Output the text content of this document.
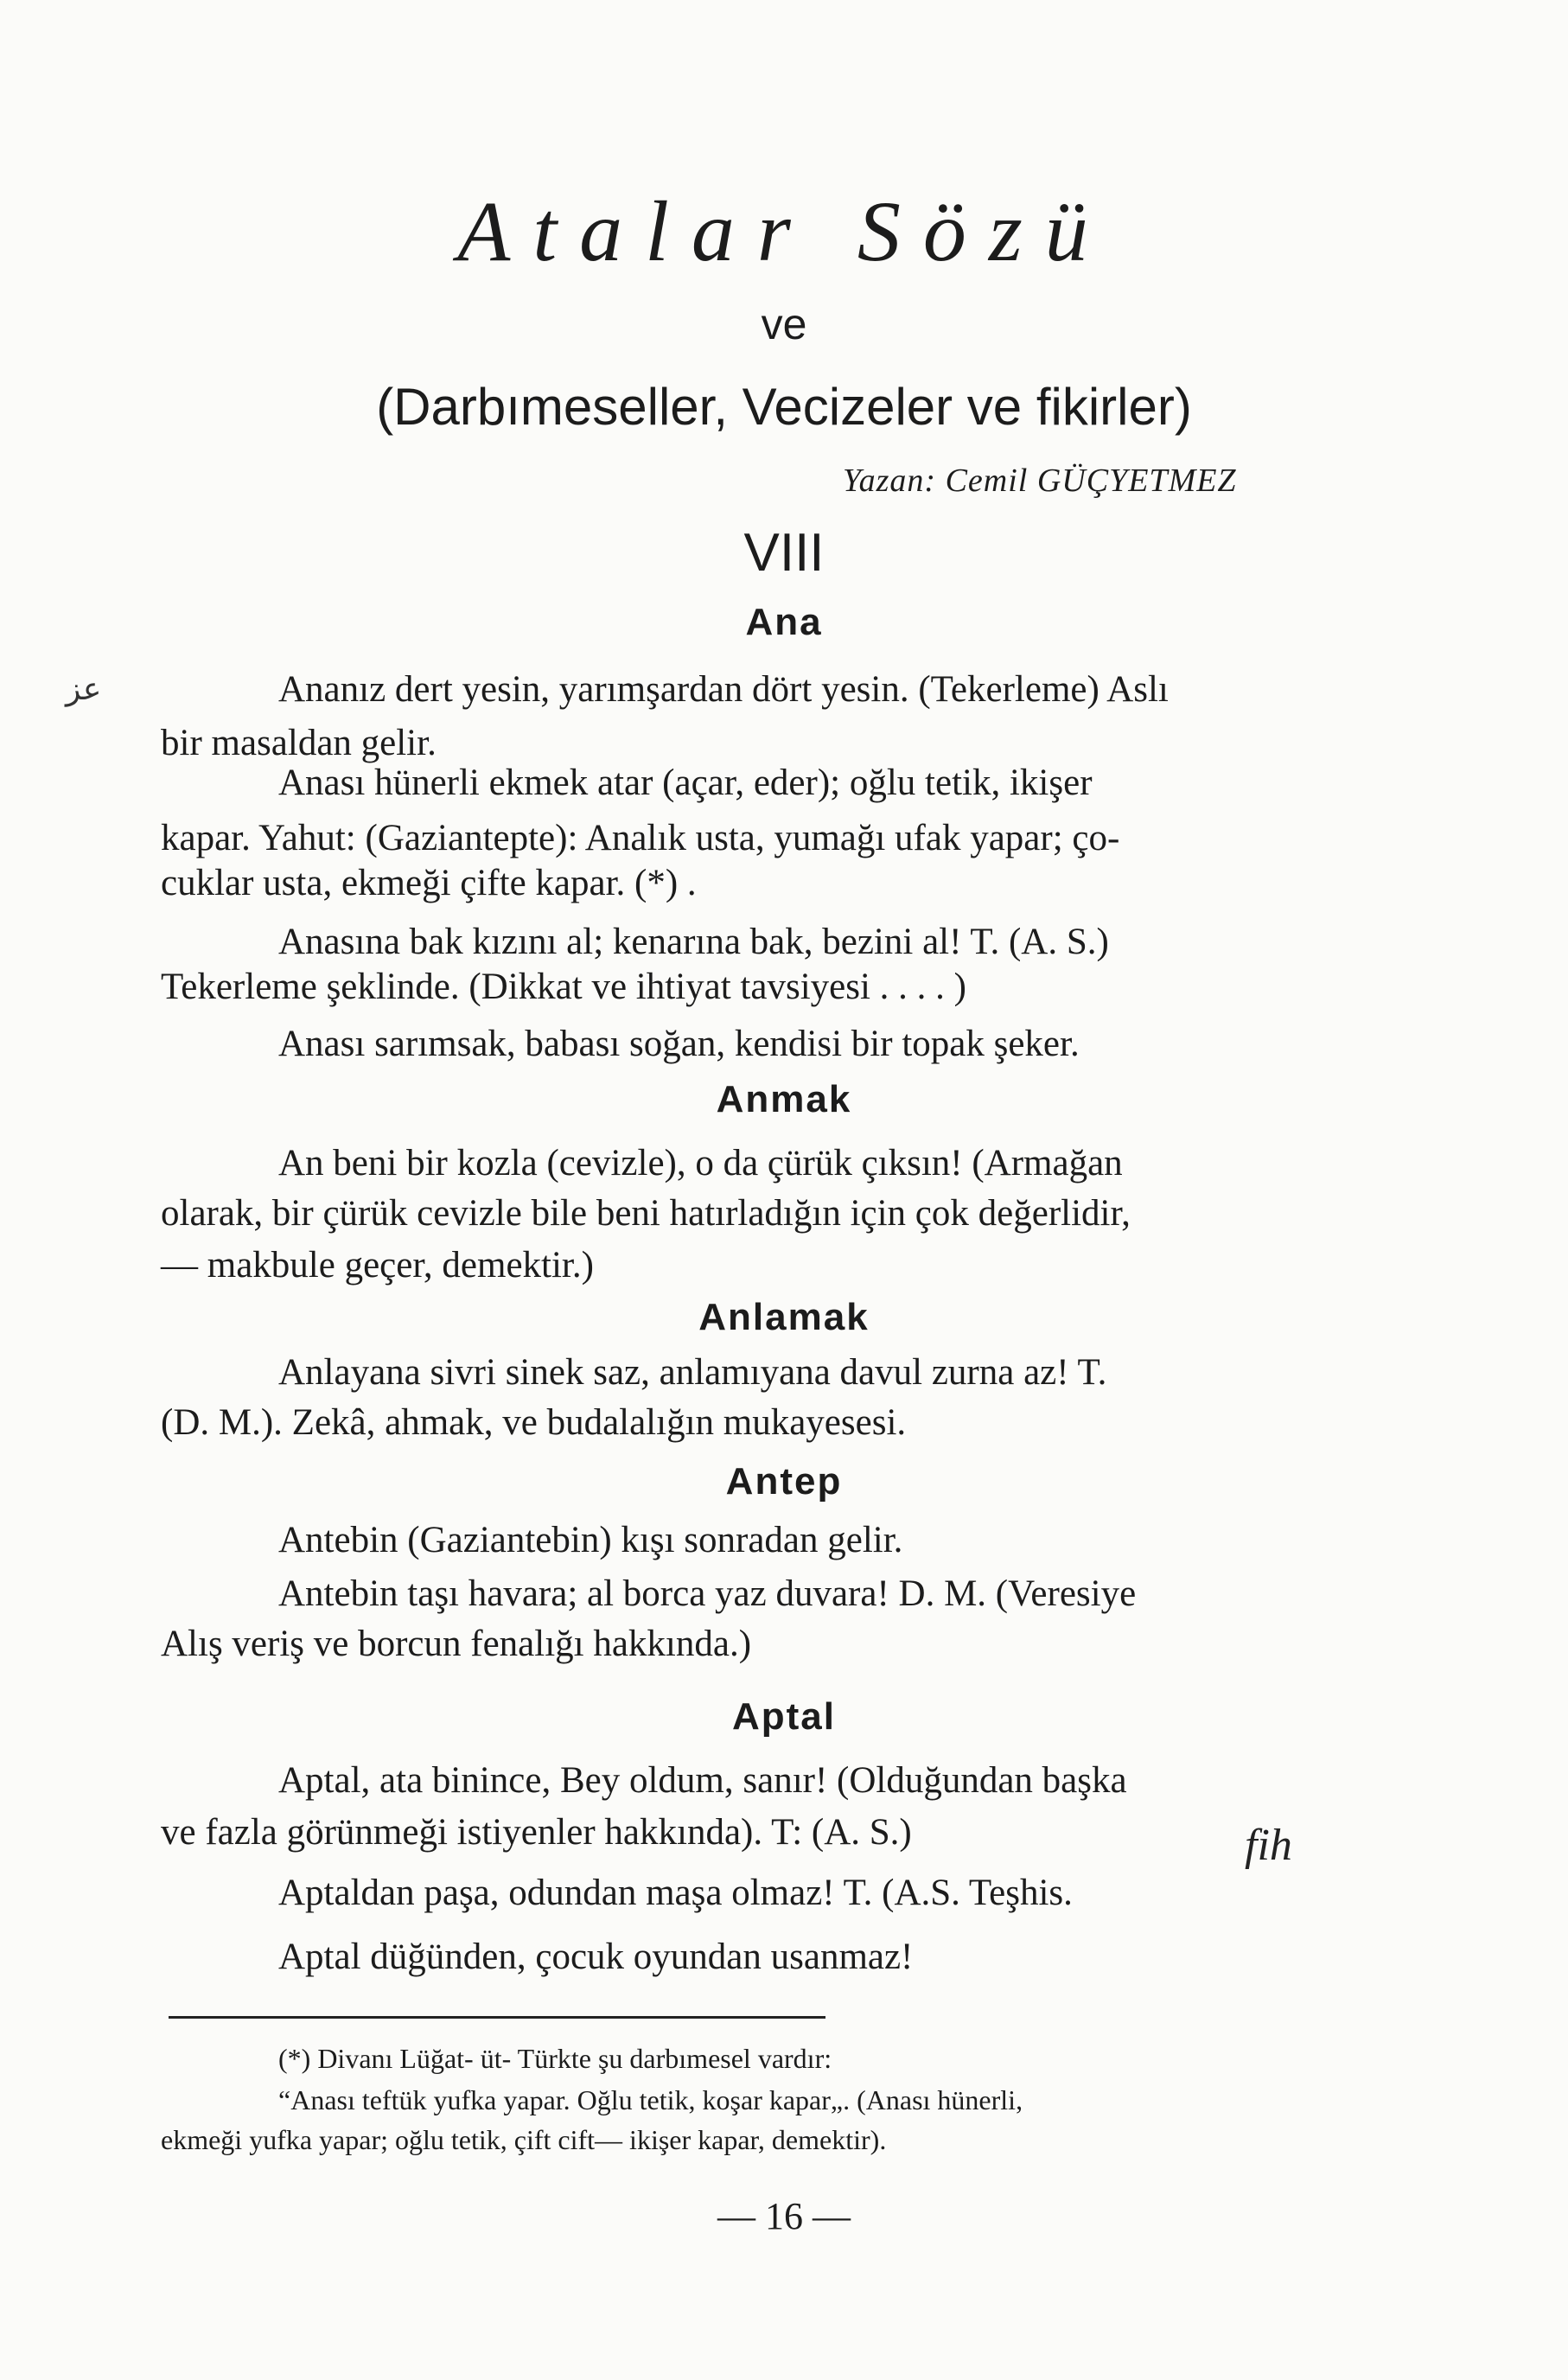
Atalar Sözü
ve
(Darbımeseller, Vecizeler ve fikirler)
Yazan: Cemil GÜÇYETMEZ
VIII
ﻋﺰ
Ana
Ananız dert yesin, yarımşardan dört yesin. (Tekerleme) Aslı
bir masaldan gelir.
Anası hünerli ekmek atar (açar, eder); oğlu tetik, ikişer
kapar. Yahut: (Gaziantepte): Analık usta, yumağı ufak yapar; ço-
cuklar usta, ekmeği çifte kapar. (*) .
Anasına bak kızını al; kenarına bak, bezini al! T. (A. S.)
Tekerleme şeklinde. (Dikkat ve ihtiyat tavsiyesi . . . . )
Anası sarımsak, babası soğan, kendisi bir topak şeker.
Anmak
An beni bir kozla (cevizle), o da çürük çıksın! (Armağan
olarak, bir çürük cevizle bile beni hatırladığın için çok değerlidir,
— makbule geçer, demektir.)
Anlamak
Anlayana sivri sinek saz, anlamıyana davul zurna az! T.
(D. M.). Zekâ, ahmak, ve budalalığın mukayesesi.
Antep
Antebin (Gaziantebin) kışı sonradan gelir.
Antebin taşı havara; al borca yaz duvara! D. M. (Veresiye
Alış veriş ve borcun fenalığı hakkında.)
Aptal
Aptal, ata binince, Bey oldum, sanır! (Olduğundan başka
ve fazla görünmeği istiyenler hakkında). T: (A. S.)
Aptaldan paşa, odundan maşa olmaz! T. (A.S. Teşhis.
Aptal düğünden, çocuk oyundan usanmaz!
fih
(*) Divanı Lüğat- üt- Türkte şu darbımesel vardır:
“Anası teftük yufka yapar. Oğlu tetik, koşar kapar„. (Anası hünerli,
ekmeği yufka yapar; oğlu tetik, çift cift— ikişer kapar, demektir).
— 16 —
